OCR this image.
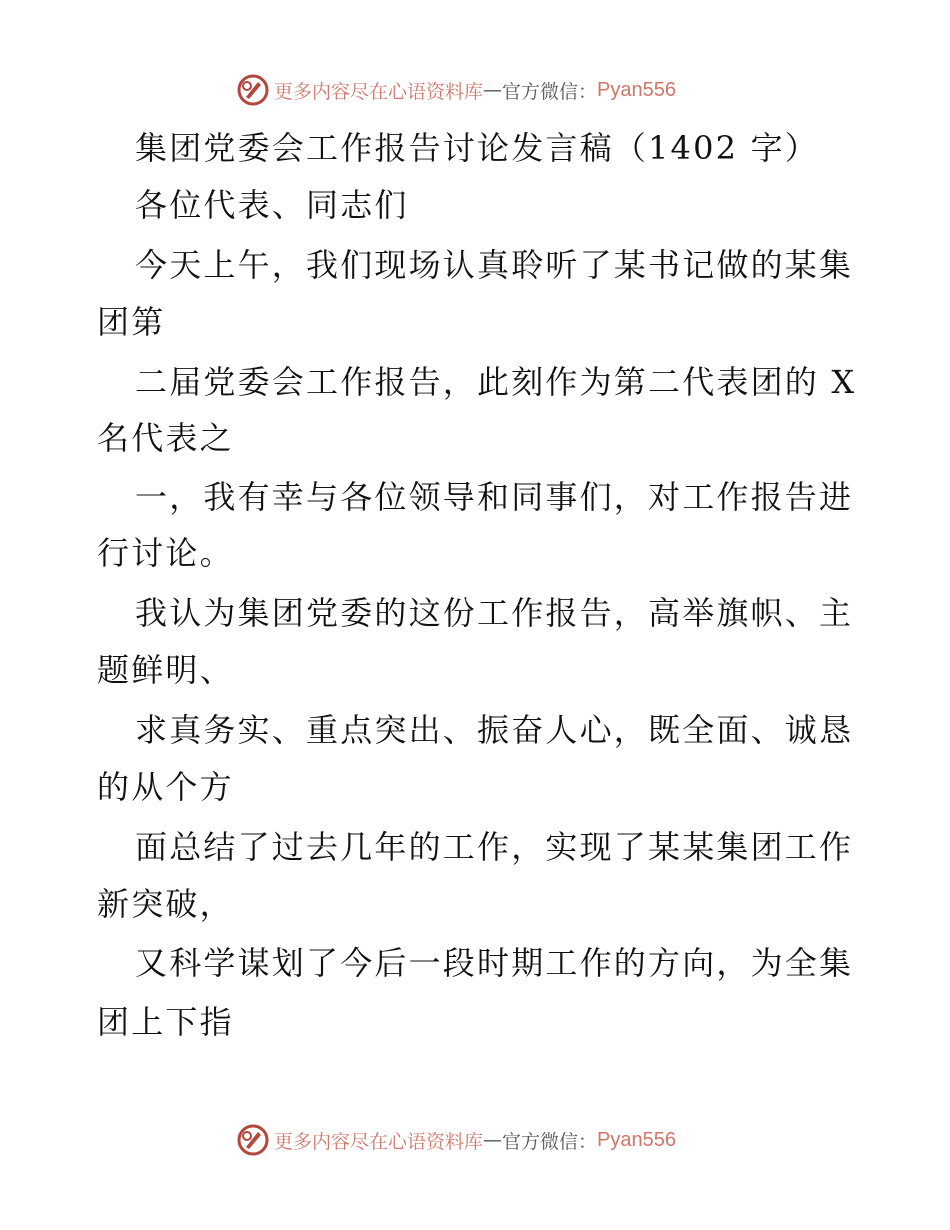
更多内容尽在心语资料库 — 官方微信： Pyan556
集团党委会工作报告讨论发言稿（1402 字）
各位代表、同志们
今天上午，我们现场认真聆听了某书记做的某集
团第
二届党委会工作报告，此刻作为第二代表团的 X
名代表之
一，我有幸与各位领导和同事们，对工作报告进
行讨论。
我认为集团党委的这份工作报告，高举旗帜、主
题鲜明、
求真务实、重点突出、振奋人心，既全面、诚恳
的从个方
面总结了过去几年的工作，实现了某某集团工作
新突破，
又科学谋划了今后一段时期工作的方向，为全集
团上下指
更多内容尽在心语资料库 — 官方微信： Pyan556
